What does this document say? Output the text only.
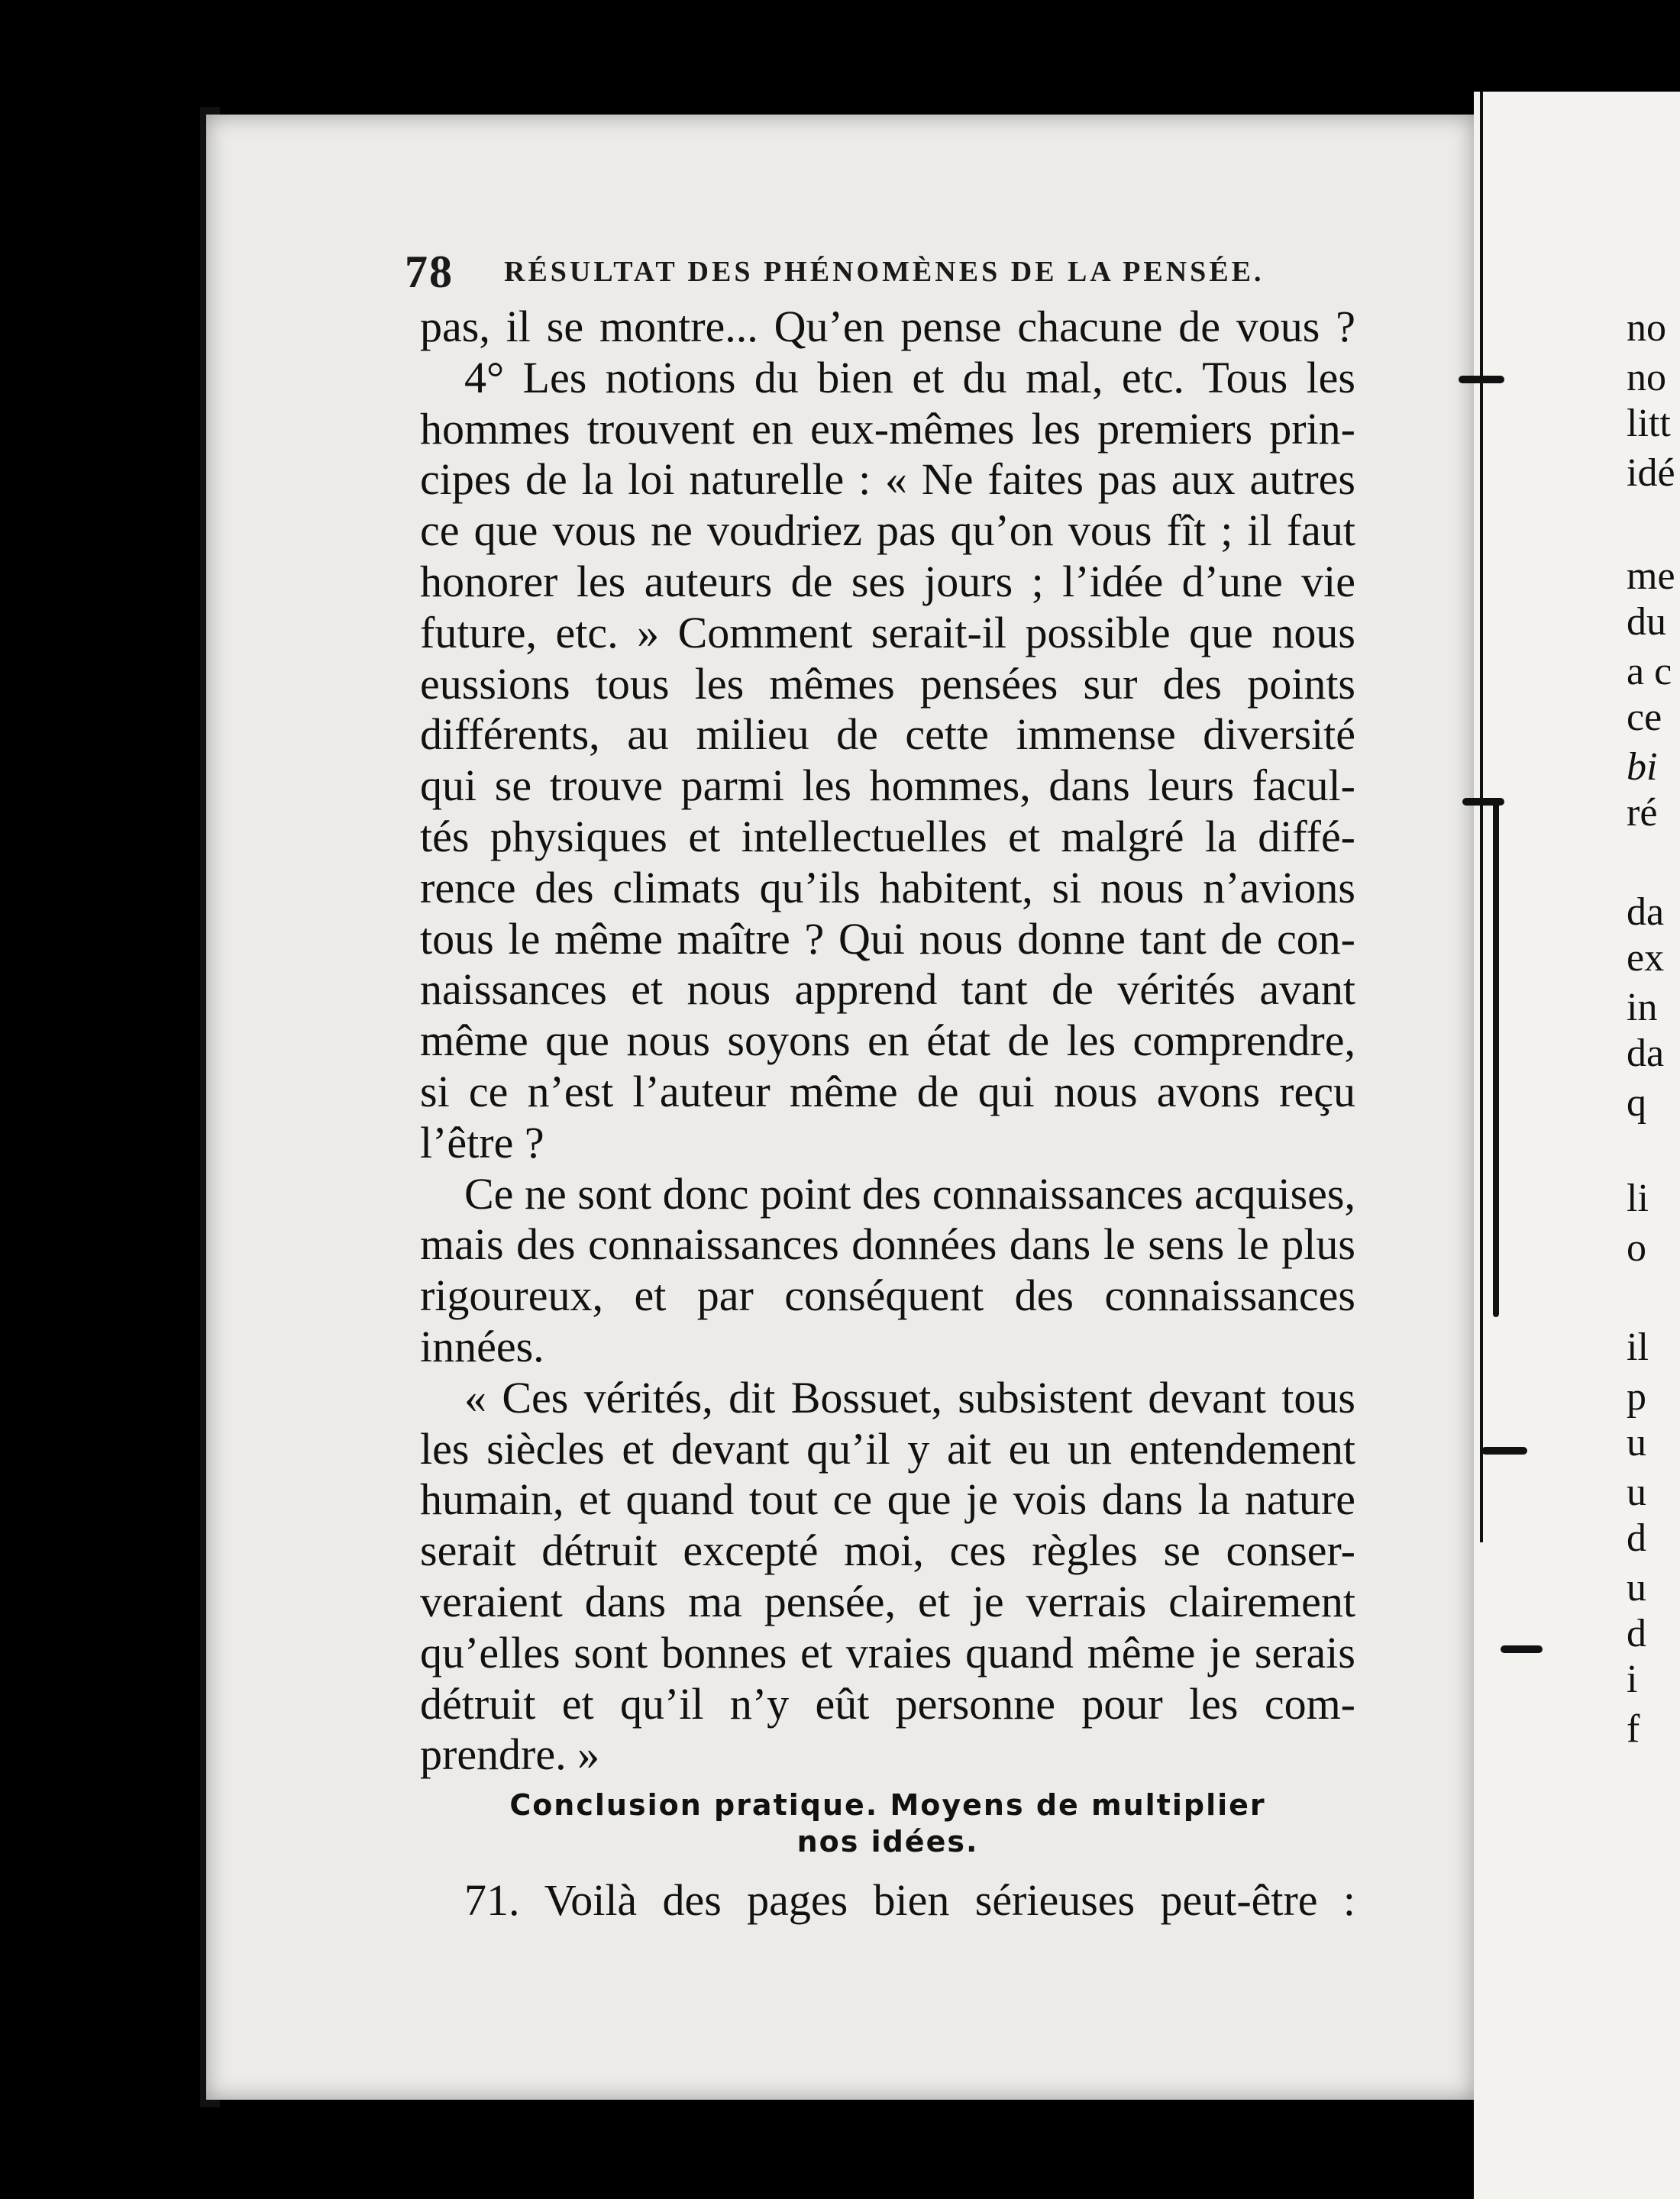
78 RÉSULTAT DES PHÉNOMÈNES DE LA PENSÉE.
pas, il se montre... Qu’en pense chacune de vous ?
4° Les notions du bien et du mal, etc. Tous les
hommes trouvent en eux-mêmes les premiers prin-
cipes de la loi naturelle : « Ne faites pas aux autres
ce que vous ne voudriez pas qu’on vous fît ; il faut
honorer les auteurs de ses jours ; l’idée d’une vie
future, etc. » Comment serait-il possible que nous
eussions tous les mêmes pensées sur des points
différents, au milieu de cette immense diversité
qui se trouve parmi les hommes, dans leurs facul-
tés physiques et intellectuelles et malgré la diffé-
rence des climats qu’ils habitent, si nous n’avions
tous le même maître ? Qui nous donne tant de con-
naissances et nous apprend tant de vérités avant
même que nous soyons en état de les comprendre,
si ce n’est l’auteur même de qui nous avons reçu
l’être ?
Ce ne sont donc point des connaissances acquises,
mais des connaissances données dans le sens le plus
rigoureux, et par conséquent des connaissances
innées.
« Ces vérités, dit Bossuet, subsistent devant tous
les siècles et devant qu’il y ait eu un entendement
humain, et quand tout ce que je vois dans la nature
serait détruit excepté moi, ces règles se conser-
veraient dans ma pensée, et je verrais clairement
qu’elles sont bonnes et vraies quand même je serais
détruit et qu’il n’y eût personne pour les com-
prendre. »
Conclusion pratique. Moyens de multiplier
nos idées.
71. Voilà des pages bien sérieuses peut-être :
no
no
litt
idé
me
du
a c
ce
bi
ré
da
ex
in
da
q
li
o
il
p
u
u
d
u
d
i
f
